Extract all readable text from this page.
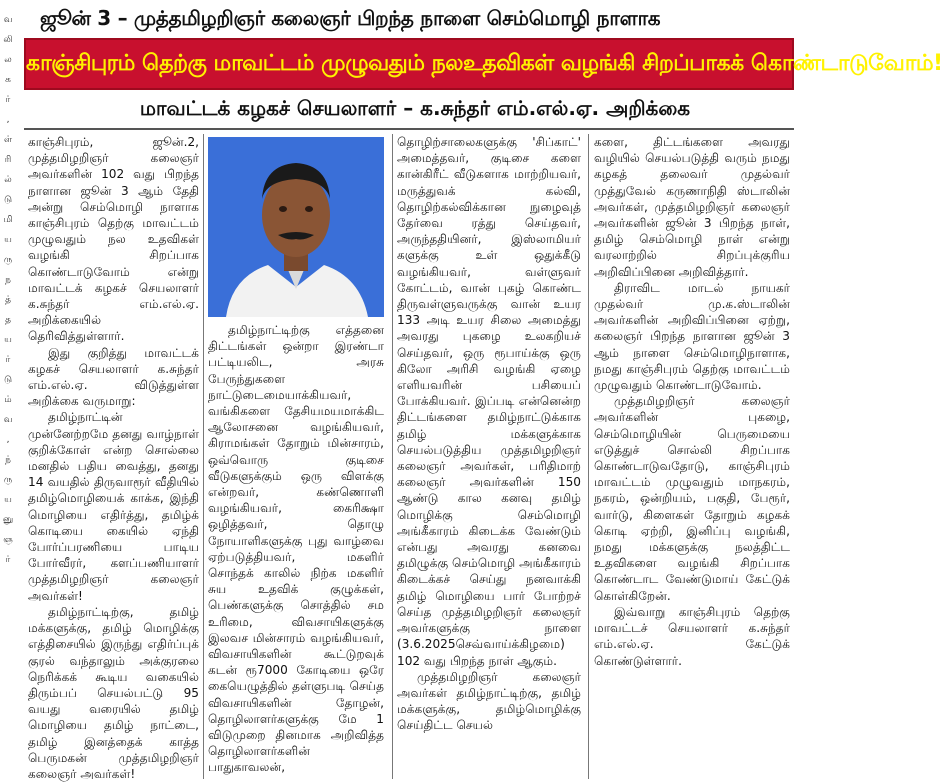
வ
லி
ல
க
ர்
,
ள்
ரி
ல்
டு
மி
ய
ரு
ந
த்
த
ய
ர்
டு
ம்
வ
,
ந்
ரு
ய
னு
ஞ
ர்
ஜூன் 3 – முத்தமிழறிஞர் கலைஞர் பிறந்த நாளை செம்மொழி நாளாக
காஞ்சிபுரம் தெற்கு மாவட்டம் முழுவதும் நலஉதவிகள் வழங்கி சிறப்பாகக் கொண்டாடுவோம்!
மாவட்டக் கழகச் செயலாளர் – க.சுந்தர் எம்.எல்.ஏ. அறிக்கை

காஞ்சிபுரம், ஜூன்.2, முத்தமிழறிஞர் கலைஞர் அவர்களின் 102 வது பிறந்த நாளான ஜூன் 3 ஆம் தேதி அன்று செம்மொழி நாளாக காஞ்சிபுரம் தெற்கு மாவட்டம் முழுவதும் நல உதவிகள் வழங்கி சிறப்பாக கொண்டாடுவோம் என்று மாவட்டக் கழகச் செயலாளர் க.சுந்தர் எம்.எல்.ஏ. அறிக்கையில் தெரிவித்துள்ளார்.

இது குறித்து மாவட்டக் கழகச் செயலாளர் க.சுந்தர் எம்.எல்.ஏ. விடுத்துள்ள அறிக்கை வருமாறு:

தமிழ்நாட்டின் முன்னேற்றமே தனது வாழ்நாள் குறிக்கோள் என்ற சொல்லை மனதில் பதிய வைத்து, தனது 14 வயதில் திருவாரூர் வீதியில் தமிழ்மொழியைக் காக்க, இந்தி மொழியை எதிர்த்து, தமிழ்க் கொடியை கையில் ஏந்தி போர்ப்பரணியை பாடிய போர்வீரர், களப்பணியாளர் முத்தமிழறிஞர் கலைஞர் அவர்கள்!

தமிழ்நாட்டிற்கு, தமிழ் மக்களுக்கு, தமிழ் மொழிக்கு எத்திசையில் இருந்து எதிர்ப்புக் குரல் வந்தாலும் அக்குரலை நெரிக்கக் கூடிய வகையில் திரும்பப் செயல்பட்டு 95 வயது வரையில் தமிழ் மொழியை தமிழ் நாட்டை, தமிழ் இனத்தைக் காத்த பெருமகன் முத்தமிழறிஞர் கலைஞர் அவர்கள்!

தமிழ்நாட்டிற்கு எத்தனை திட்டங்கள் ஒன்றா இரண்டா பட்டியலிட, அரசு பேருந்துகளை நாட்டுடைமையாக்கியவர், வங்கிகளை தேசியமயமாக்கிட ஆலோசனை வழங்கியவர், கிராமங்கள் தோறும் மின்சாரம், ஒவ்வொரு குடிசை வீடுகளுக்கும் ஒரு விளக்கு என்றவர், கண்ணொளி வழங்கியவர், கைரிக்ஷா ஒழித்தவர், தொழு நோயாளிகளுக்கு புது வாழ்வை ஏற்படுத்தியவர், மகளிர் சொந்தக் காலில் நிற்க மகளிர் சுய உதவிக் குழுக்கள், பெண்களுக்கு சொத்தில் சம உரிமை, விவசாயிகளுக்கு இலவச மின்சாரம் வழங்கியவர், விவசாயிகளின் கூட்டுறவுக் கடன் ரூ7000 கோடியை ஒரே கையெழுத்தில் தள்ளுபடி செய்த விவசாயிகளின் தோழன், தொழிலாளர்களுக்கு மே 1 விடுமுறை தினமாக அறிவித்த தொழிலாளர்களின் பாதுகாவலன்,

தொழிற்சாலைகளுக்கு 'சிப்காட்' அமைத்தவர், குடிசை களை கான்கிரீட் வீடுகளாக மாற்றியவர், மருத்துவக் கல்வி, தொழிற்கல்விக்கான நுழைவுத் தேர்வை ரத்து செய்தவர், அருந்ததியினர், இஸ்லாமியர் களுக்கு உள் ஒதுக்கீடு வழங்கியவர், வள்ளுவர் கோட்டம், வான் புகழ் கொண்ட திருவள்ளுவருக்கு வான் உயர 133 அடி உயர சிலை அமைத்து அவரது புகழை உலகறியச் செய்தவர், ஒரு ரூபாய்க்கு ஒரு கிலோ அரிசி வழங்கி ஏழை எளியவரின் பசியைப் போக்கியவர். இப்படி என்னென்ற திட்டங்களை தமிழ்நாட்டுக்காக தமிழ் மக்களுக்காக செயல்படுத்திய முத்தமிழறிஞர் கலைஞர் அவர்கள், பரிதிமாற் கலைஞர் அவர்களின் 150 ஆண்டு கால கனவு தமிழ் மொழிக்கு செம்மொழி அங்கீகாரம் கிடைக்க வேண்டும் என்பது அவரது கனவை தமிழுக்கு செம்மொழி அங்கீகாரம் கிடைக்கச் செய்து நனவாக்கி தமிழ் மொழியை பார் போற்றச் செய்த முத்தமிழறிஞர் கலைஞர் அவர்களுக்கு நாளை (3.6.2025செவ்வாய்க்கிழமை) 102 வது பிறந்த நாள் ஆகும்.

முத்தமிழறிஞர் கலைஞர் அவர்கள் தமிழ்நாட்டிற்கு, தமிழ் மக்களுக்கு, தமிழ்மொழிக்கு செய்திட்ட செயல்

களை, திட்டங்களை அவரது வழியில் செயல்படுத்தி வரும் நமது கழகத் தலைவர் முதல்வர் முத்துவேல் கருணாநிதி ஸ்டாலின் அவர்கள், முத்தமிழறிஞர் கலைஞர் அவர்களின் ஜூன் 3 பிறந்த நாள், தமிழ் செம்மொழி நாள் என்று வரலாற்றில் சிறப்புக்குரிய அறிவிப்பினை அறிவித்தார்.

திராவிட மாடல் நாயகர் முதல்வர் மு.க.ஸ்டாலின் அவர்களின் அறிவிப்பினை ஏற்று, கலைஞர் பிறந்த நாளான ஜூன் 3 ஆம் நாளை செம்மொழிநாளாக, நமது காஞ்சிபுரம் தெற்கு மாவட்டம் முழுவதும் கொண்டாடுவோம்.

முத்தமிழறிஞர் கலைஞர் அவர்களின் புகழை, செம்மொழியின் பெருமையை எடுத்துச் சொல்லி சிறப்பாக கொண்டாடுவதோடு, காஞ்சிபுரம் மாவட்டம் முழுவதும் மாநகரம், நகரம், ஒன்றியம், பகுதி, பேரூர், வார்டு, கிளைகள் தோறும் கழகக் கொடி ஏற்றி, இனிப்பு வழங்கி, நமது மக்களுக்கு நலத்திட்ட உதவிகளை வழங்கி சிறப்பாக கொண்டாட வேண்டுமாய் கேட்டுக் கொள்கிறேன்.

இவ்வாறு காஞ்சிபுரம் தெற்கு மாவட்டச் செயலாளர் க.சுந்தர் எம்.எல்.ஏ. கேட்டுக் கொண்டுள்ளார்.
